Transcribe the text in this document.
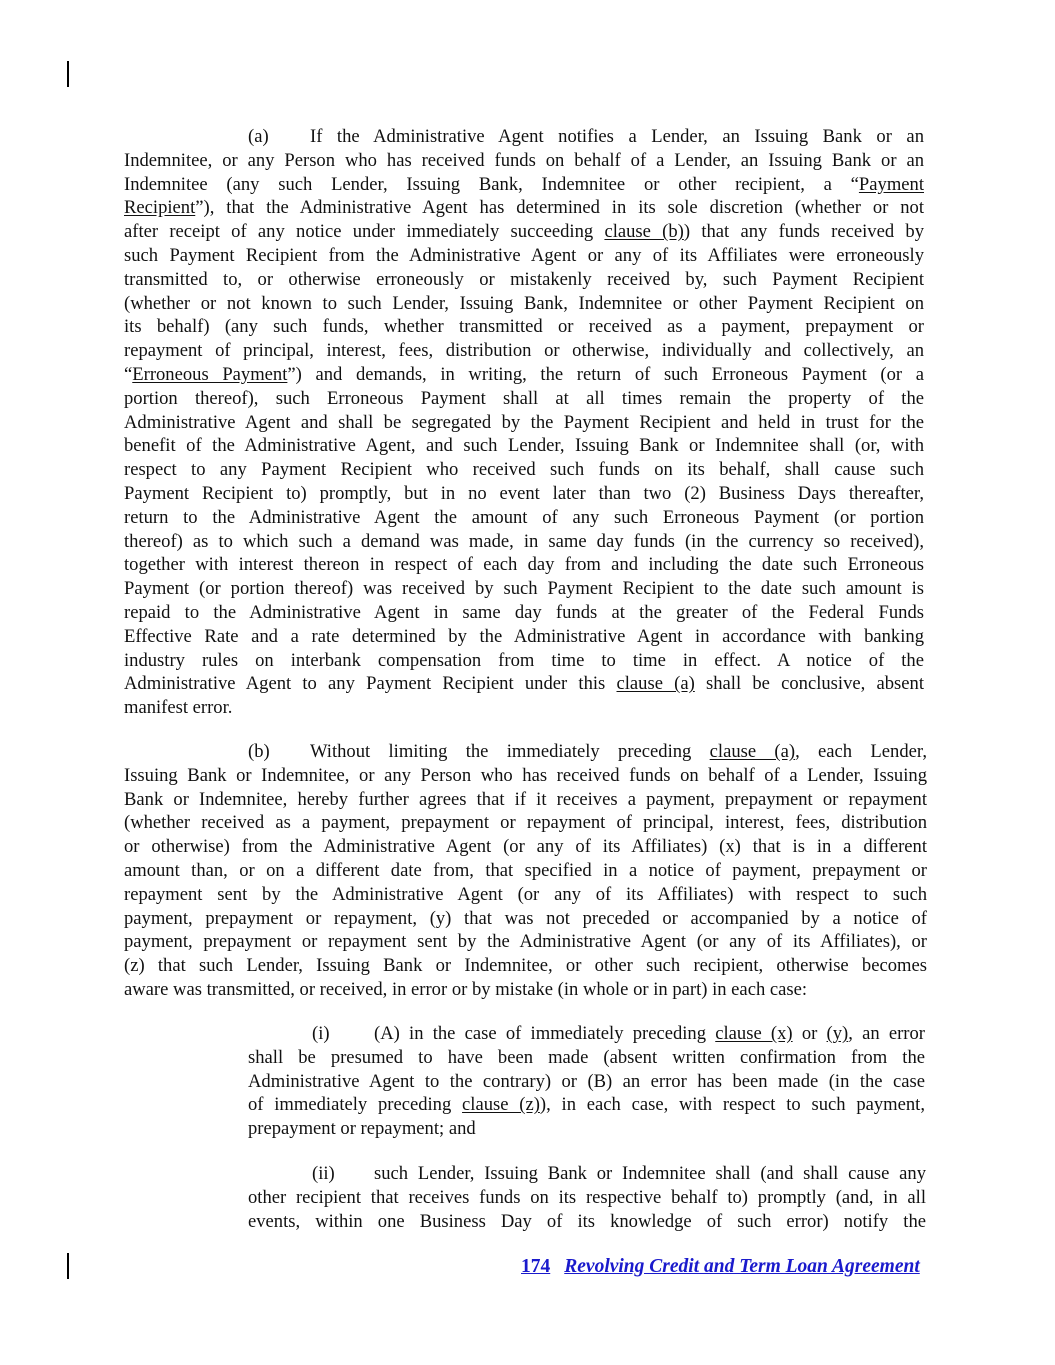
(a) If the Administrative Agent notifies a Lender, an Issuing Bank or an
Indemnitee, or any Person who has received funds on behalf of a Lender, an Issuing Bank or an
Indemnitee (any such Lender, Issuing Bank, Indemnitee or other recipient, a “Payment
Recipient”), that the Administrative Agent has determined in its sole discretion (whether or not
after receipt of any notice under immediately succeeding clause (b)) that any funds received by
such Payment Recipient from the Administrative Agent or any of its Affiliates were erroneously
transmitted to, or otherwise erroneously or mistakenly received by, such Payment Recipient
(whether or not known to such Lender, Issuing Bank, Indemnitee or other Payment Recipient on
its behalf) (any such funds, whether transmitted or received as a payment, prepayment or
repayment of principal, interest, fees, distribution or otherwise, individually and collectively, an
“Erroneous Payment”) and demands, in writing, the return of such Erroneous Payment (or a
portion thereof), such Erroneous Payment shall at all times remain the property of the
Administrative Agent and shall be segregated by the Payment Recipient and held in trust for the
benefit of the Administrative Agent, and such Lender, Issuing Bank or Indemnitee shall (or, with
respect to any Payment Recipient who received such funds on its behalf, shall cause such
Payment Recipient to) promptly, but in no event later than two (2) Business Days thereafter,
return to the Administrative Agent the amount of any such Erroneous Payment (or portion
thereof) as to which such a demand was made, in same day funds (in the currency so received),
together with interest thereon in respect of each day from and including the date such Erroneous
Payment (or portion thereof) was received by such Payment Recipient to the date such amount is
repaid to the Administrative Agent in same day funds at the greater of the Federal Funds
Effective Rate and a rate determined by the Administrative Agent in accordance with banking
industry rules on interbank compensation from time to time in effect. A notice of the
Administrative Agent to any Payment Recipient under this clause (a) shall be conclusive, absent
manifest error.
(b) Without limiting the immediately preceding clause (a), each Lender,
Issuing Bank or Indemnitee, or any Person who has received funds on behalf of a Lender, Issuing
Bank or Indemnitee, hereby further agrees that if it receives a payment, prepayment or repayment
(whether received as a payment, prepayment or repayment of principal, interest, fees, distribution
or otherwise) from the Administrative Agent (or any of its Affiliates) (x) that is in a different
amount than, or on a different date from, that specified in a notice of payment, prepayment or
repayment sent by the Administrative Agent (or any of its Affiliates) with respect to such
payment, prepayment or repayment, (y) that was not preceded or accompanied by a notice of
payment, prepayment or repayment sent by the Administrative Agent (or any of its Affiliates), or
(z) that such Lender, Issuing Bank or Indemnitee, or other such recipient, otherwise becomes
aware was transmitted, or received, in error or by mistake (in whole or in part) in each case:
(i) (A) in the case of immediately preceding clause (x) or (y), an error
shall be presumed to have been made (absent written confirmation from the
Administrative Agent to the contrary) or (B) an error has been made (in the case
of immediately preceding clause (z)), in each case, with respect to such payment,
prepayment or repayment; and
(ii) such Lender, Issuing Bank or Indemnitee shall (and shall cause any
other recipient that receives funds on its respective behalf to) promptly (and, in all
events, within one Business Day of its knowledge of such error) notify the
174 Revolving Credit and Term Loan Agreement
